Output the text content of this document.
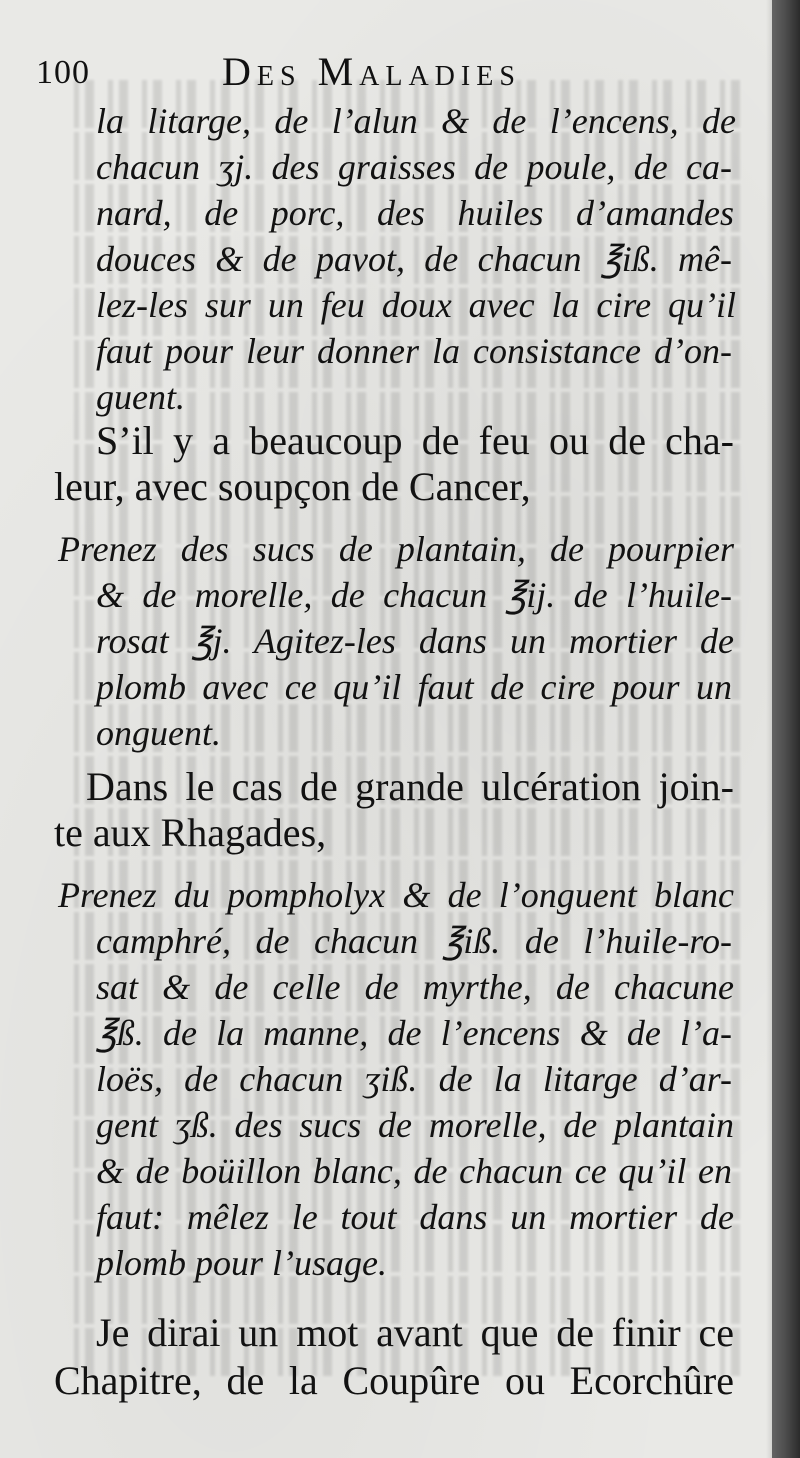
100	Des Maladies
la litarge, de l’alun & de l’encens, de
chacun ʒj. des graisses de poule, de ca-
nard, de porc, des huiles d’amandes
douces & de pavot, de chacun ℥iß. mê-
lez-les sur un feu doux avec la cire qu’il
faut pour leur donner la consistance d’on-
guent.
S’il y a beaucoup de feu ou de cha-
leur, avec soupçon de Cancer,
Prenez des sucs de plantain, de pourpier
& de morelle, de chacun ℥ij. de l’huile-
rosat ℥j. Agitez-les dans un mortier de
plomb avec ce qu’il faut de cire pour un
onguent.
Dans le cas de grande ulcération join-
te aux Rhagades,
Prenez du pompholyx & de l’onguent blanc
camphré, de chacun ℥iß. de l’huile-ro-
sat & de celle de myrthe, de chacune
℥ß. de la manne, de l’encens & de l’a-
loës, de chacun ʒiß. de la litarge d’ar-
gent ʒß. des sucs de morelle, de plantain
& de boüillon blanc, de chacun ce qu’il en
faut: mêlez le tout dans un mortier de
plomb pour l’usage.
Je dirai un mot avant que de finir ce
Chapitre, de la Coupûre ou Ecorchûre
